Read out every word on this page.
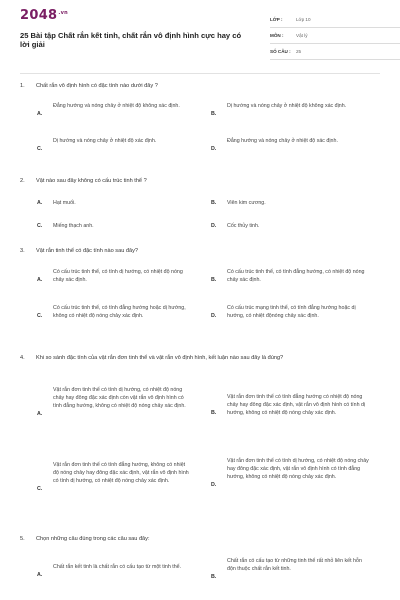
$2048^{.vn}$
25 Bài tập Chất rắn kết tinh, chất rắn vô định hình cực hay có lời giải
LỚP :	Lớp 10
MÔN :	Vật lý
SỐ CÂU :	25
1. Chất rắn vô định hình có đặc tính nào dưới đây ?
A.
Đẳng hướng và nóng chảy ở nhiệt độ không xác định.
B.
Dị hướng và nóng chảy ở nhiệt độ không xác định.
C.
Dị hướng và nóng chảy ở nhiệt độ xác định.
D.
Đẳng hướng và nóng chảy ở nhiệt độ xác định.
2. Vật nào sau đây không có cấu trúc tinh thể ?
A. Hạt muối.	B. Viên kim cương.
C. Miếng thạch anh.	D. Cốc thủy tinh.
3. Vật rắn tinh thể có đặc tính nào sau đây?
A.
Có cấu trúc tinh thể, có tính dị hướng, có nhiệt độ nóng chảy xác định.	B.
Có cấu trúc tinh thể, có tính đẳng hướng, có nhiệt độ nóng chảy xác định.
C.
Có cấu trúc tinh thể, có tính đẳng hướng hoặc dị hướng, không có nhiệt độ nóng chảy xác định.	D.
Có cấu trúc mạng tinh thể, có tính đẳng hướng hoặc dị hướng, có nhiệt độnóng chảy xác định.
4. Khi so sánh đặc tính của vật rắn đơn tinh thể và vật rắn vô định hình, kết luận nào sau đây là đúng?
A.
Vật rắn đơn tinh thể có tính dị hướng, có nhiệt độ nóng chảy hay đông đặc xác định còn vật rắn vô định hình có tính đẳng hướng, không có nhiệt độ nóng chảy xác định.
B.
Vật rắn đơn tinh thể có tính đẳng hướng có nhiệt độ nóng chảy hay đông đặc xác định, vật rắn vô định hình có tính dị hướng, không có nhiệt độ nóng chảy xác định.
C.
Vật rắn đơn tinh thể có tính đẳng hướng, không có nhiệt độ nóng chảy hay đông đặc xác định, vật rắn vô định hình có tính dị hướng, có nhiệt độ nóng chảy xác định.
D.
Vật rắn đơn tinh thể có tính dị hướng, có nhiệt độ nóng chảy hay đông đặc xác định, vật rắn vô định hình có tính đẳng hướng, không có nhiệt độ nóng chảy xác định.
5. Chọn những câu đúng trong các câu sau đây:
A.
Chất rắn kết tinh là chất rắn có cấu tạo từ một tinh thể.
B.
Chất rắn có cấu tạo từ những tinh thể rất nhỏ liên kết hỗn độn thuộc chất rắn kết tinh.
